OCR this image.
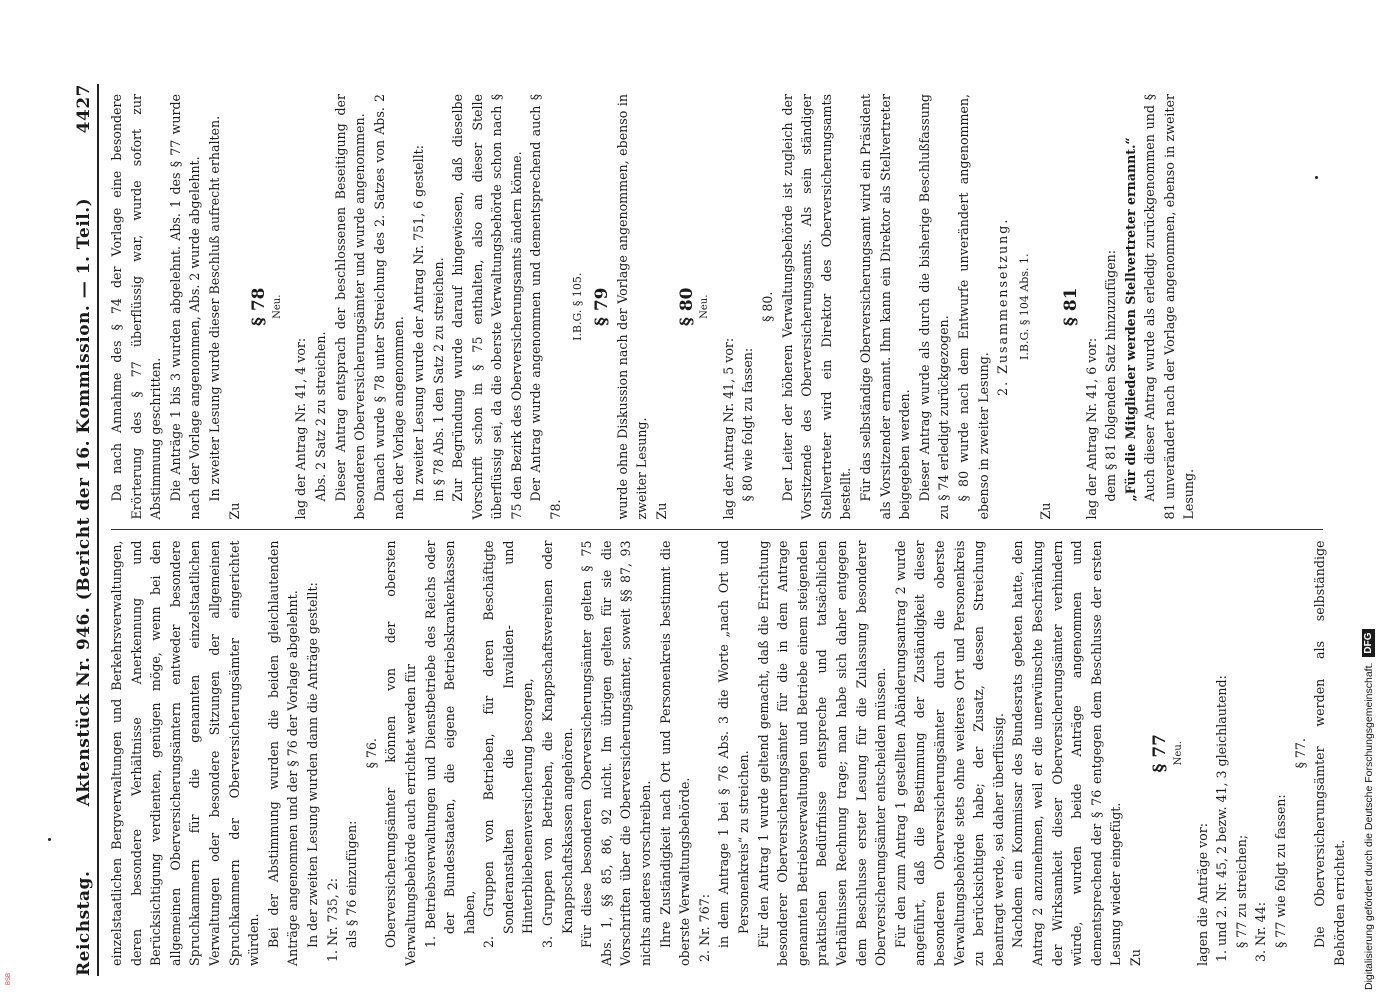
Reichstag.
Aktenstück Nr. 946. (Bericht der 16. Kommission. — 1. Teil.)
4427

einzelstaatlichen Bergverwaltungen und Berkehrsverwaltungen, deren besondere Verhältnisse Anerkennung und Berücksichtigung verdienten, genügen möge, wenn bei den allgemeinen Oberversicherungsämtern entweder besondere Spruchkammern für die genannten einzelstaatlichen Verwaltungen oder besondere Sitzungen der allgemeinen Spruchkammern der Oberversicherungsämter eingerichtet würden. Bei der Abstimmung wurden die beiden gleichlautenden Anträge angenommen und der § 76 der Vorlage abgelehnt. In der zweiten Lesung wurden dann die Anträge gestellt: 1. Nr. 735, 2: als § 76 einzufügen:

§ 76. Oberversicherungsämter können von der obersten Verwaltungsbehörde auch errichtet werden für 1. Betriebsverwaltungen und Dienstbetriebe des Reichs oder der Bundesstaaten, die eigene Betriebskrankenkassen haben, 2. Gruppen von Betrieben, für deren Beschäftigte Sonderanstalten die Invaliden- und Hinterbliebenenversicherung besorgen, 3. Gruppen von Betrieben, die Knappschaftsvereinen oder Knappschaftskassen angehören. Für diese besonderen Oberversicherungsämter gelten § 75 Abs. 1, §§ 85, 86, 92 nicht. Im übrigen gelten für sie die Vorschriften über die Oberversicherungsämter, soweit §§ 87, 93 nichts anderes vorschreiben. Ihre Zuständigkeit nach Ort und Personenkreis bestimmt die oberste Verwaltungsbehörde. 2. Nr. 767: in dem Antrage 1 bei § 76 Abs. 3 die Worte „nach Ort und Personenkreis“ zu streichen. Für den Antrag 1 wurde geltend gemacht, daß die Errichtung besonderer Oberversicherungsämter für die in dem Antrage genannten Betriebsverwaltungen und Betriebe einem steigenden praktischen Bedürfnisse entspreche und tatsächlichen Verhältnissen Rechnung trage; man habe sich daher entgegen dem Beschlusse erster Lesung für die Zulassung besonderer Oberversicherungsämter entscheiden müssen. Für den zum Antrag 1 gestellten Abänderungsantrag 2 wurde angeführt, daß die Bestimmung der Zuständigkeit dieser besonderen Oberversicherungsämter durch die oberste Verwaltungsbehörde stets ohne weiteres Ort und Personenkreis zu berücksichtigen habe; der Zusatz, dessen Streichung beantragt werde, sei daher überflüssig. Nachdem ein Kommissar des Bundesrats gebeten hatte, den Antrag 2 anzunehmen, weil er die unerwünschte Beschränkung der Wirksamkeit dieser Oberversicherungsämter verhindern würde, wurden beide Anträge angenommen und dementsprechend der § 76 entgegen dem Beschlusse der ersten Lesung wieder eingefügt. Zu

§ 77 Neu.

lagen die Anträge vor: 1. und 2. Nr. 45, 2 bezw. 41, 3 gleichlautend: § 77 zu streichen; 3. Nr. 44: § 77 wie folgt zu fassen:

§ 77. Die Oberversicherungsämter werden als selbständige Behörden errichtet.

Da nach Annahme des § 74 der Vorlage eine besondere Erörterung des § 77 überflüssig war, wurde sofort zur Abstimmung geschritten. Die Anträge 1 bis 3 wurden abgelehnt. Abs. 1 des § 77 wurde nach der Vorlage angenommen, Abs. 2 wurde abgelehnt. In zweiter Lesung wurde dieser Beschluß aufrecht erhalten.

Zu

§ 78 Neu.

lag der Antrag Nr. 41, 4 vor: Abs. 2 Satz 2 zu streichen. Dieser Antrag entsprach der beschlossenen Beseitigung der besonderen Oberversicherungsämter und wurde angenommen. Danach wurde § 78 unter Streichung des 2. Satzes von Abs. 2 nach der Vorlage angenommen. In zweiter Lesung wurde der Antrag Nr. 751, 6 gestellt: in § 78 Abs. 1 den Satz 2 zu streichen. Zur Begründung wurde darauf hingewiesen, daß dieselbe Vorschrift schon in § 75 enthalten, also an dieser Stelle überflüssig sei, da die oberste Verwaltungsbehörde schon nach § 75 den Bezirk des Oberversicherungsamts ändern könne. Der Antrag wurde angenommen und dementsprechend auch § 78.

I.B.G. § 105. § 79 wurde ohne Diskussion nach der Vorlage angenommen, ebenso in zweiter Lesung. Zu

§ 80 Neu.

lag der Antrag Nr. 41, 5 vor: § 80 wie folgt zu fassen:

§ 80. Der Leiter der höheren Verwaltungsbehörde ist zugleich der Vorsitzende des Oberversicherungsamts. Als sein ständiger Stellvertreter wird ein Direktor des Oberversicherungsamts bestellt. Für das selbständige Oberversicherungsamt wird ein Präsident als Vorsitzender ernannt. Ihm kann ein Direktor als Stellvertreter beigegeben werden. Dieser Antrag wurde als durch die bisherige Beschlußfassung zu § 74 erledigt zurückgezogen. § 80 wurde nach dem Entwurfe unverändert angenommen, ebenso in zweiter Lesung.

2. Zusammensetzung. I.B.G. § 104 Abs. 1.

Zu

§ 81

lag der Antrag Nr. 41, 6 vor: dem § 81 folgenden Satz hinzuzufügen: „Für die Mitglieder werden Stellvertreter ernannt.“ Auch dieser Antrag wurde als erledigt zurückgenommen und § 81 unverändert nach der Vorlage angenommen, ebenso in zweiter Lesung.

Digitalisierung gefördert durch die Deutsche Forschungsgemeinschaft.
DFG
BSB
